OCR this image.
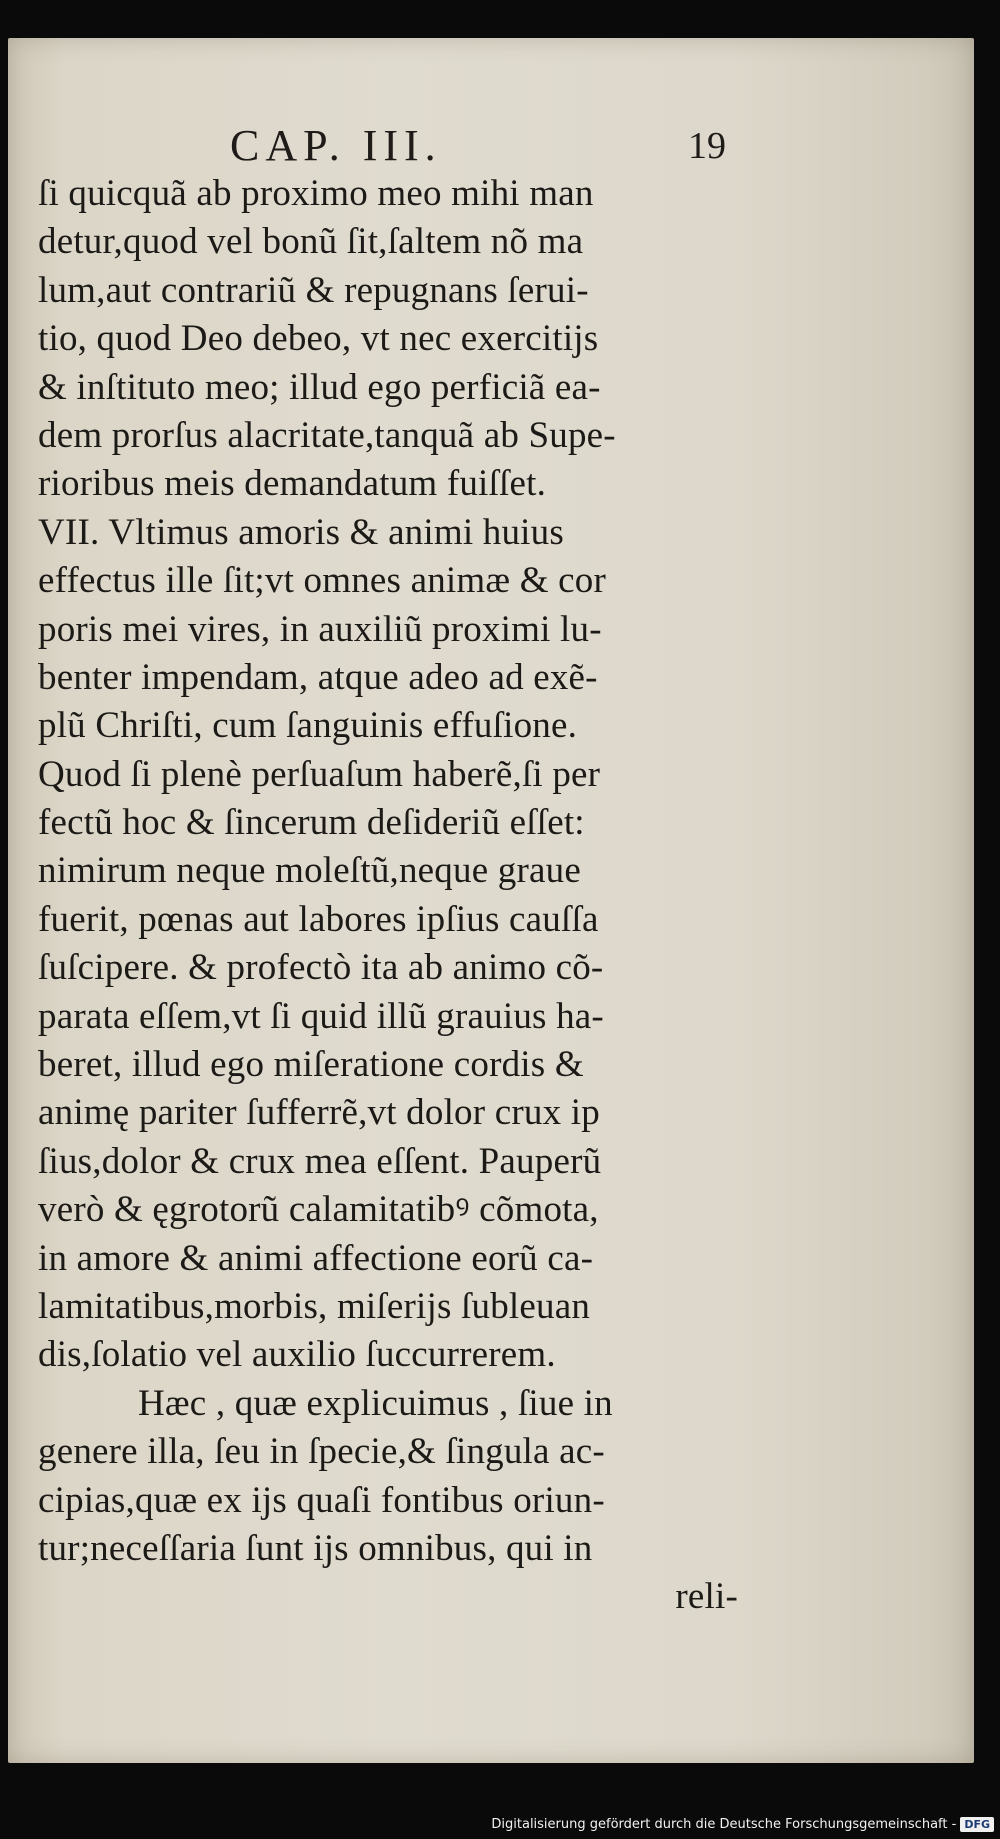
CAP. III.	19
ſi quicquã ab proximo meo mihi man
detur,quod vel bonũ ſit,ſaltem nõ ma
lum,aut contrariũ & repugnans ſerui-
tio, quod Deo debeo, vt nec exercitijs
& inſtituto meo; illud ego perficiã ea-
dem prorſus alacritate,tanquã ab Supe-
rioribus meis demandatum fuiſſet.
VII. Vltimus amoris & animi huius
effectus ille ſit;vt omnes animæ & cor
poris mei vires, in auxiliũ proximi lu-
benter impendam, atque adeo ad exẽ-
plũ Chriſti, cum ſanguinis effuſione.
Quod ſi plenè perſuaſum haberẽ,ſi per
fectũ hoc & ſincerum deſideriũ eſſet:
nimirum neque moleſtũ,neque graue
fuerit, pœnas aut labores ipſius cauſſa
ſuſcipere. & profectò ita ab animo cõ-
parata eſſem,vt ſi quid illũ grauius ha-
beret, illud ego miſeratione cordis &
animę pariter ſufferrẽ,vt dolor crux ip
ſius,dolor & crux mea eſſent. Pauperũ
verò & ęgrotorũ calamitatibꝰ cõmota,
in amore & animi affectione eorũ ca-
lamitatibus,morbis, miſerijs ſubleuan
dis,ſolatio vel auxilio ſuccurrerem.
Hæc , quæ explicuimus , ſiue in
genere illa, ſeu in ſpecie,& ſingula ac-
cipias,quæ ex ijs quaſi fontibus oriun-
tur;neceſſaria ſunt ijs omnibus, qui in
reli-
Digitalisierung gefördert durch die Deutsche Forschungsgemeinschaft - DFG
